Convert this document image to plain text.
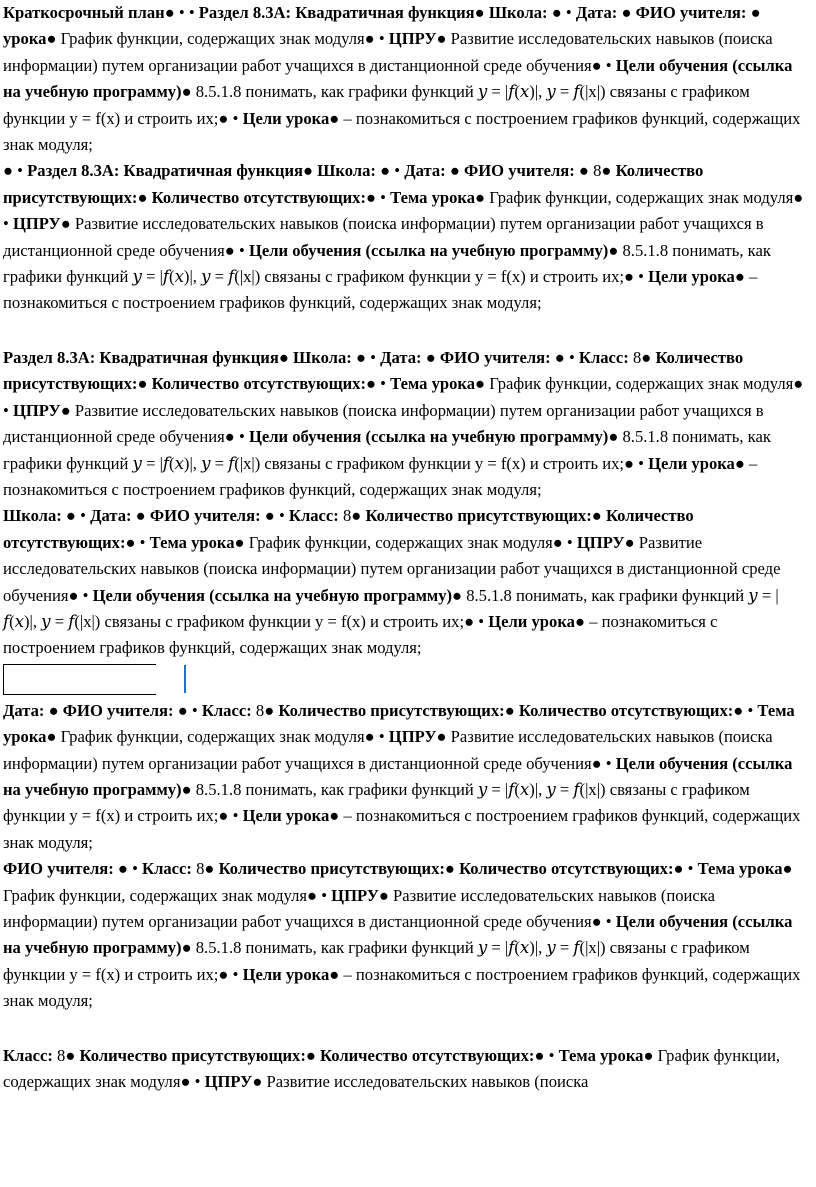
Краткосрочный план● • • Раздел 8.3А: Квадратичная функция● Школа: ● • Дата: ● ФИО учителя: ●

урока● График функции, содержащих знак модуля● • ЦПРУ● Развитие исследовательских навыков (поиска информации) путем организации работ учащихся в дистанционной среде обучения● • Цели обучения (ссылка на учебную программу)● 8.5.1.8 понимать, как графики функций 𝑦 = |𝑓(𝑥)|, 𝑦 = 𝑓(|x|) связаны с графиком функции y = f(x) и строить их;● • Цели урока● – познакомиться с построением графиков функций, содержащих знак модуля;

● • Раздел 8.3А: Квадратичная функция● Школа: ● • Дата: ● ФИО учителя: ● 8● Количество присутствующих:● Количество отсутствующих:● • Тема урока● График функции, содержащих знак модуля● • ЦПРУ● Развитие исследовательских навыков (поиска информации) путем организации работ учащихся в дистанционной среде обучения● • Цели обучения (ссылка на учебную программу)● 8.5.1.8 понимать, как графики функций 𝑦 = |𝑓(𝑥)|, 𝑦 = 𝑓(|x|) связаны с графиком функции y = f(x) и строить их;● • Цели урока● – познакомиться с построением графиков функций, содержащих знак модуля;

Раздел 8.3А: Квадратичная функция● Школа: ● • Дата: ● ФИО учителя: ● • Класс: 8● Количество присутствующих:● Количество отсутствующих:● • Тема урока● График функции, содержащих знак модуля● • ЦПРУ● Развитие исследовательских навыков (поиска информации) путем организации работ учащихся в дистанционной среде обучения● • Цели обучения (ссылка на учебную программу)● 8.5.1.8 понимать, как графики функций 𝑦 = |𝑓(𝑥)|, 𝑦 = 𝑓(|x|) связаны с графиком функции y = f(x) и строить их;● • Цели урока● – познакомиться с построением графиков функций, содержащих знак модуля;

Школа: ● • Дата: ● ФИО учителя: ● • Класс: 8● Количество присутствующих:● Количество отсутствующих:● • Тема урока● График функции, содержащих знак модуля● • ЦПРУ● Развитие исследовательских навыков (поиска информации) путем организации работ учащихся в дистанционной среде обучения● • Цели обучения (ссылка на учебную программу)● 8.5.1.8 понимать, как графики функций 𝑦 = |𝑓(𝑥)|, 𝑦 = 𝑓(|x|) связаны с графиком функции y = f(x) и строить их;● • Цели урока● – познакомиться с построением графиков функций, содержащих знак модуля;

Дата: ● ФИО учителя: ● • Класс: 8● Количество присутствующих:● Количество отсутствующих:● • Тема урока● График функции, содержащих знак модуля● • ЦПРУ● Развитие исследовательских навыков (поиска информации) путем организации работ учащихся в дистанционной среде обучения● • Цели обучения (ссылка на учебную программу)● 8.5.1.8 понимать, как графики функций 𝑦 = |𝑓(𝑥)|, 𝑦 = 𝑓(|x|) связаны с графиком функции y = f(x) и строить их;● • Цели урока● – познакомиться с построением графиков функций, содержащих знак модуля;

ФИО учителя: ● • Класс: 8● Количество присутствующих:● Количество отсутствующих:● • Тема урока● График функции, содержащих знак модуля● • ЦПРУ● Развитие исследовательских навыков (поиска информации) путем организации работ учащихся в дистанционной среде обучения● • Цели обучения (ссылка на учебную программу)● 8.5.1.8 понимать, как графики функций 𝑦 = |𝑓(𝑥)|, 𝑦 = 𝑓(|x|) связаны с графиком функции y = f(x) и строить их;● • Цели урока● – познакомиться с построением графиков функций, содержащих знак модуля;

Класс: 8● Количество присутствующих:● Количество отсутствующих:● • Тема урока● График функции, содержащих знак модуля● • ЦПРУ● Развитие исследовательских навыков (поиска
